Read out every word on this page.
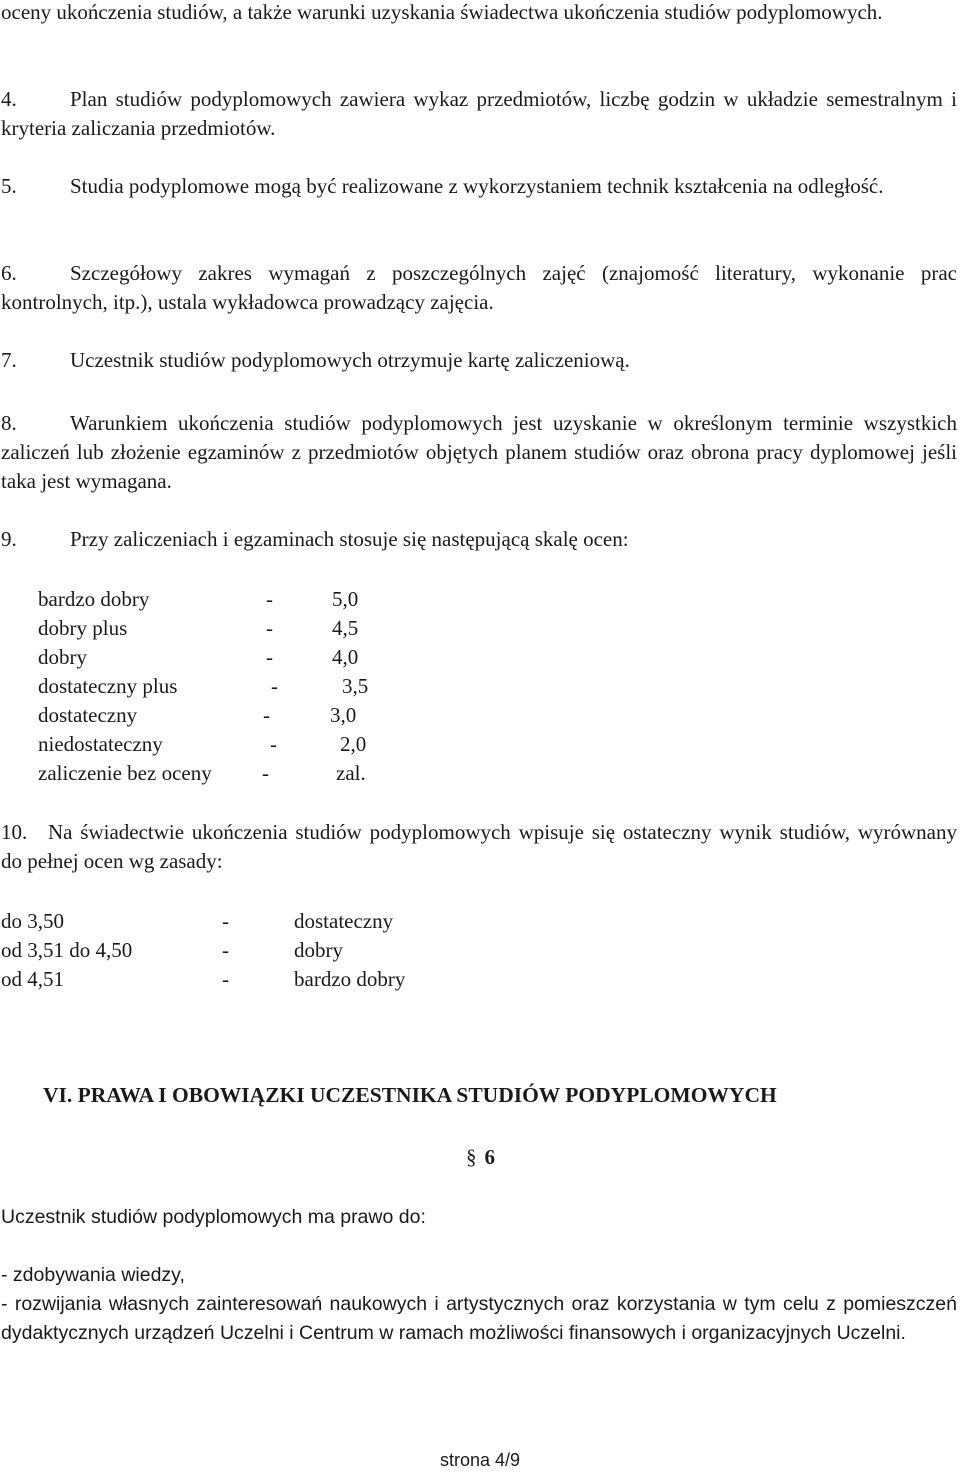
oceny ukończenia studiów, a także warunki uzyskania świadectwa ukończenia studiów podyplomowych.

4.	Plan studiów podyplomowych zawiera wykaz przedmiotów, liczbę godzin w układzie semestralnym i kryteria zaliczania przedmiotów.

5.	Studia podyplomowe mogą być realizowane z wykorzystaniem technik kształcenia na odległość.

6.	Szczegółowy zakres wymagań z poszczególnych zajęć (znajomość literatury, wykonanie prac kontrolnych, itp.), ustala wykładowca prowadzący zajęcia.

7.	Uczestnik studiów podyplomowych otrzymuje kartę zaliczeniową.

8.	Warunkiem ukończenia studiów podyplomowych jest uzyskanie w określonym terminie wszystkich zaliczeń lub złożenie egzaminów z przedmiotów objętych planem studiów oraz obrona pracy dyplomowej jeśli taka jest wymagana.

9.	Przy zaliczeniach i egzaminach stosuje się następującą skalę ocen:

bardzo dobry	-	5,0
dobry plus	-	4,5
dobry	-	4,0
dostateczny plus	-	3,5
dostateczny	-	3,0
niedostateczny	-	2,0
zaliczenie bez oceny -	zal.

10. Na świadectwie ukończenia studiów podyplomowych wpisuje się ostateczny wynik studiów, wyrównany do pełnej ocen wg zasady:

do 3,50	-	dostateczny
od 3,51 do 4,50	-	dobry
od 4,51	-	bardzo dobry
VI. PRAWA I OBOWIĄZKI UCZESTNIKA STUDIÓW PODYPLOMOWYCH
§ 6
Uczestnik studiów podyplomowych ma prawo do:
- zdobywania wiedzy,
- rozwijania własnych zainteresowań naukowych i artystycznych oraz korzystania w tym celu z pomieszczeń dydaktycznych urządzeń Uczelni i Centrum w ramach możliwości finansowych i organizacyjnych Uczelni.
strona 4/9
